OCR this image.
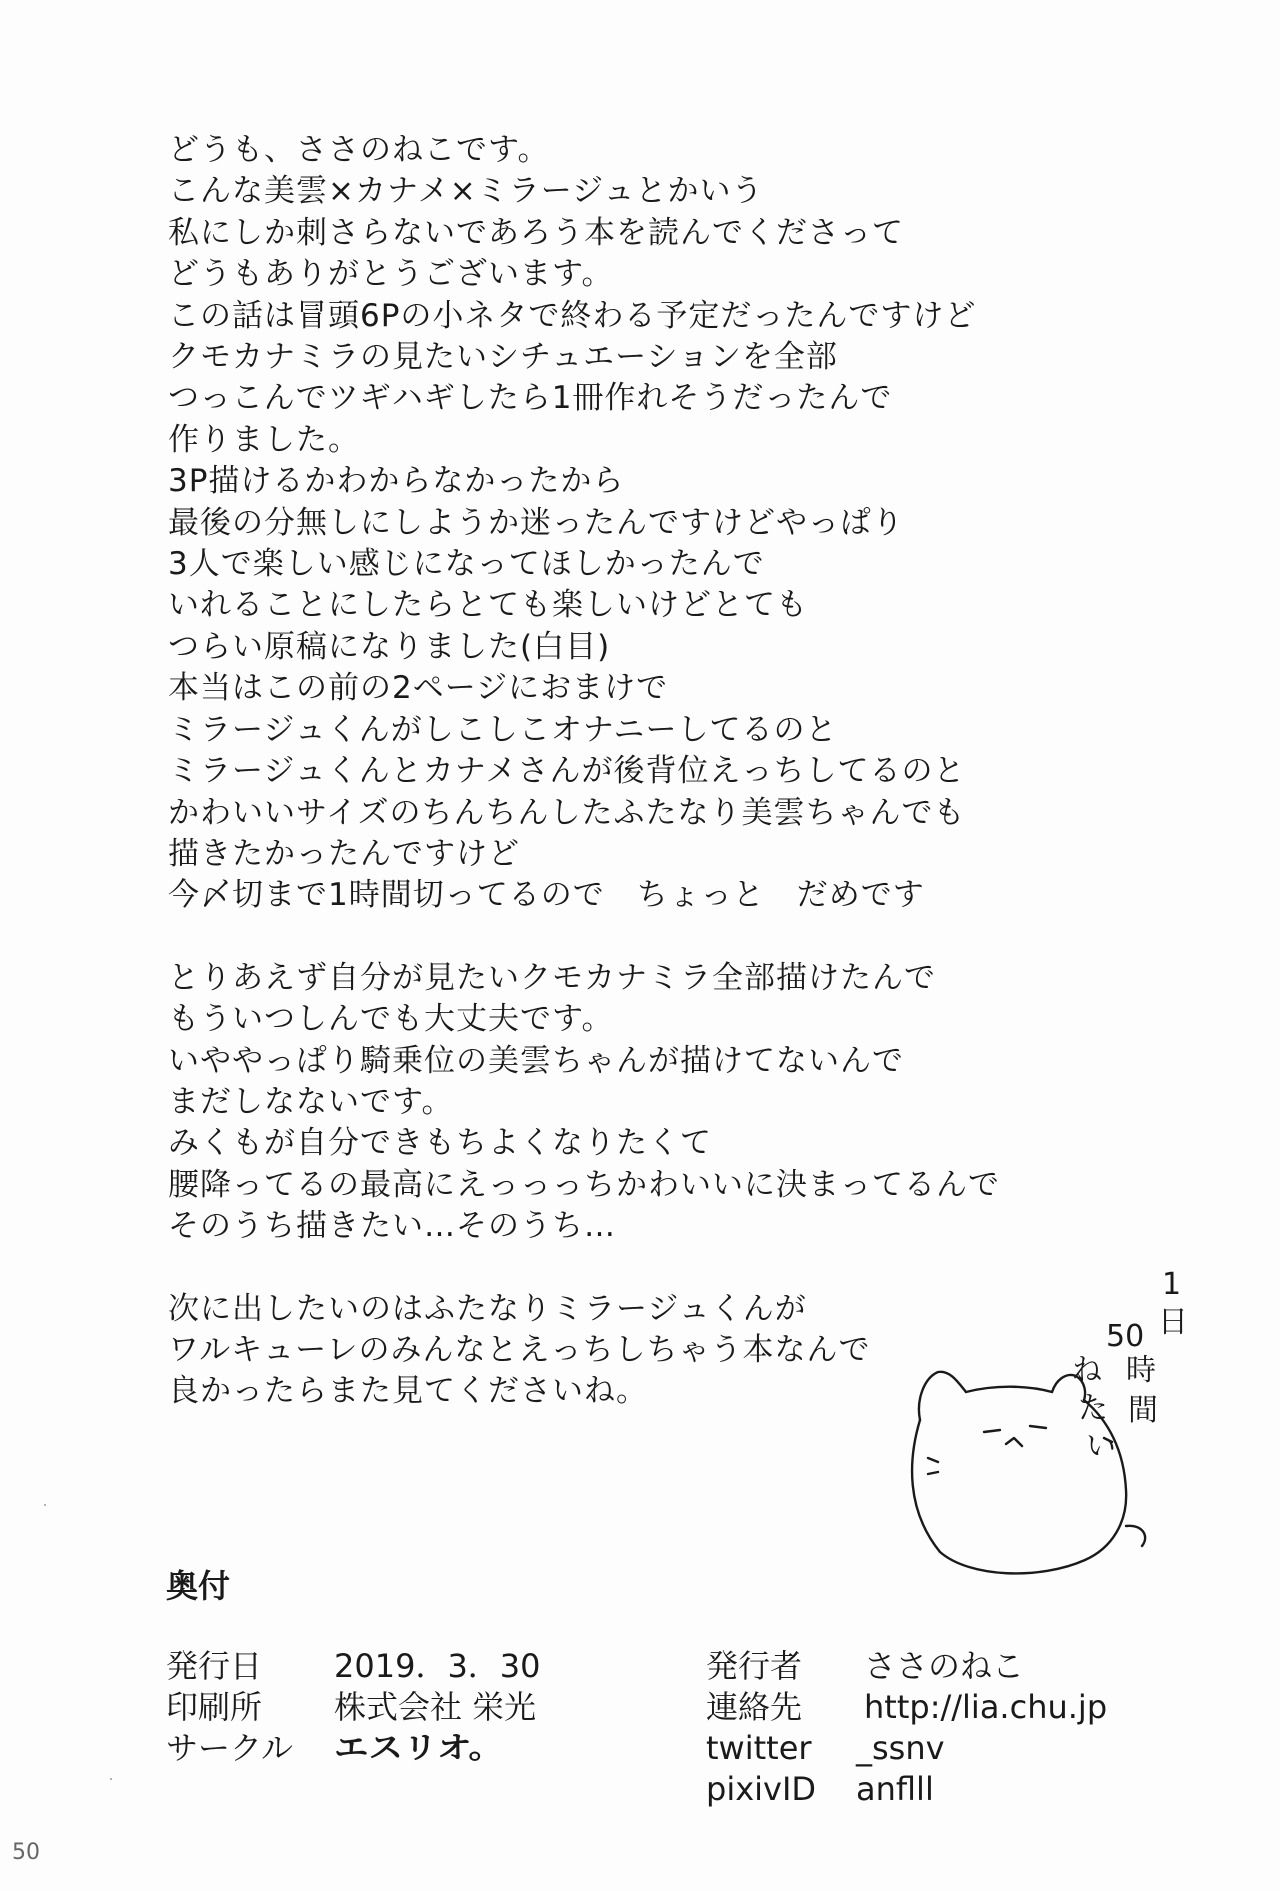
どうも、ささのねこです。
こんな美雲×カナメ×ミラージュとかいう
私にしか刺さらないであろう本を読んでくださって
どうもありがとうございます。
この話は冒頭6Pの小ネタで終わる予定だったんですけど
クモカナミラの見たいシチュエーションを全部
つっこんでツギハギしたら1冊作れそうだったんで
作りました。
3P描けるかわからなかったから
最後の分無しにしようか迷ったんですけどやっぱり
3人で楽しい感じになってほしかったんで
いれることにしたらとても楽しいけどとても
つらい原稿になりました(白目)
本当はこの前の2ページにおまけで
ミラージュくんがしこしこオナニーしてるのと
ミラージュくんとカナメさんが後背位えっちしてるのと
かわいいサイズのちんちんしたふたなり美雲ちゃんでも
描きたかったんですけど
今〆切まで1時間切ってるので　ちょっと　だめです

とりあえず自分が見たいクモカナミラ全部描けたんで
もういつしんでも大丈夫です。
いややっぱり騎乗位の美雲ちゃんが描けてないんで
まだしなないです。
みくもが自分できもちよくなりたくて
腰降ってるの最高にえっっっちかわいいに決まってるんで
そのうち描きたい…そのうち…

次に出したいのはふたなりミラージュくんが
ワルキューレのみんなとえっちしちゃう本なんで
良かったらまた見てくださいね。

1
日
50
時
間
ね
た
い
奥付
発行日	2019．3．30
印刷所	株式会社 栄光
サークル	エスリオ。
発行者	ささのねこ
連絡先	http://lia.chu.jp
twitter	_ssnv
pixivID	anflll

50
